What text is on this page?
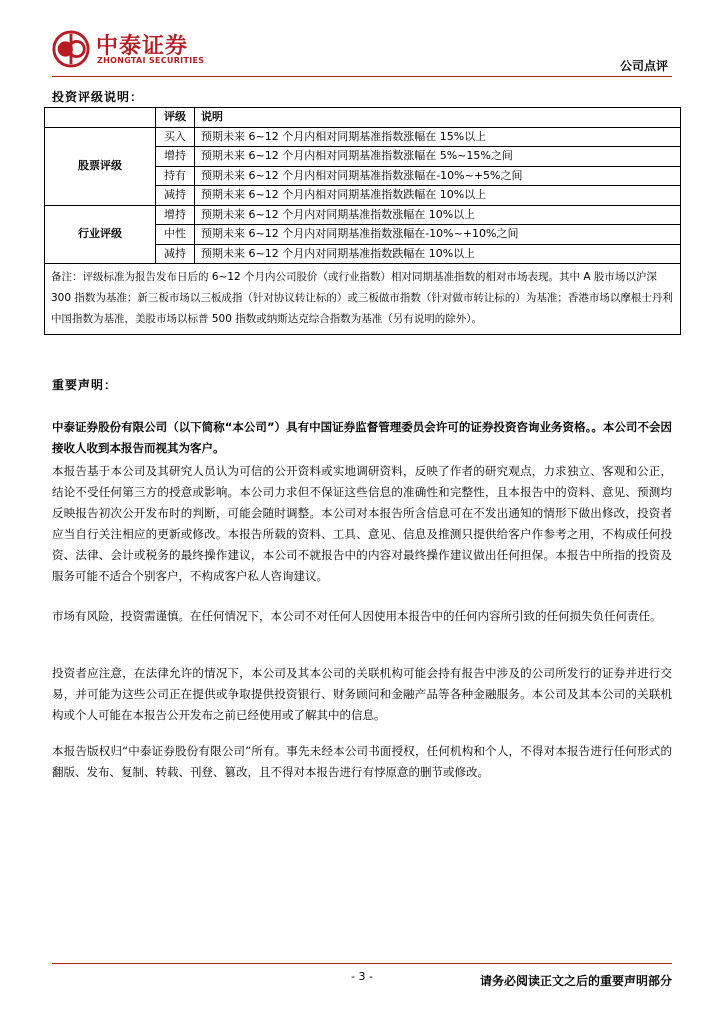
中泰证券
ZHONGTAI SECURITIES	公司点评
投资评级说明：
	评级	说明
股票评级	买入	预期未来 6~12 个月内相对同期基准指数涨幅在 15%以上
	增持	预期未来 6~12 个月内相对同期基准指数涨幅在 5%~15%之间
	持有	预期未来 6~12 个月内相对同期基准指数涨幅在-10%~+5%之间
	减持	预期未来 6~12 个月内相对同期基准指数跌幅在 10%以上
行业评级	增持	预期未来 6~12 个月内对同期基准指数涨幅在 10%以上
	中性	预期未来 6~12 个月内对同期基准指数涨幅在-10%~+10%之间
	减持	预期未来 6~12 个月内对同期基准指数跌幅在 10%以上
备注：评级标准为报告发布日后的 6~12 个月内公司股价（或行业指数）相对同期基准指数的相对市场表现。其中 A 股市场以沪深 300 指数为基准；新三板市场以三板成指（针对协议转让标的）或三板做市指数（针对做市转让标的）为基准；香港市场以摩根士丹利中国指数为基准，美股市场以标普 500 指数或纳斯达克综合指数为基准（另有说明的除外）。		
重要声明：
中泰证券股份有限公司（以下简称“本公司”）具有中国证券监督管理委员会许可的证券投资咨询业务资格。。本公司不会因接收人收到本报告而视其为客户。
本报告基于本公司及其研究人员认为可信的公开资料或实地调研资料，反映了作者的研究观点，力求独立、客观和公正，结论不受任何第三方的授意或影响。本公司力求但不保证这些信息的准确性和完整性，且本报告中的资料、意见、预测均反映报告初次公开发布时的判断，可能会随时调整。本公司对本报告所含信息可在不发出通知的情形下做出修改，投资者应当自行关注相应的更新或修改。本报告所载的资料、工具、意见、信息及推测只提供给客户作参考之用，不构成任何投资、法律、会计或税务的最终操作建议，本公司不就报告中的内容对最终操作建议做出任何担保。本报告中所指的投资及服务可能不适合个别客户，不构成客户私人咨询建议。
市场有风险，投资需谨慎。在任何情况下，本公司不对任何人因使用本报告中的任何内容所引致的任何损失负任何责任。
投资者应注意，在法律允许的情况下，本公司及其本公司的关联机构可能会持有报告中涉及的公司所发行的证券并进行交易，并可能为这些公司正在提供或争取提供投资银行、财务顾问和金融产品等各种金融服务。本公司及其本公司的关联机构或个人可能在本报告公开发布之前已经使用或了解其中的信息。
本报告版权归“中泰证券股份有限公司”所有。事先未经本公司书面授权，任何机构和个人，不得对本报告进行任何形式的翻版、发布、复制、转载、刊登、篡改，且不得对本报告进行有悖原意的删节或修改。
- 3 -	请务必阅读正文之后的重要声明部分
